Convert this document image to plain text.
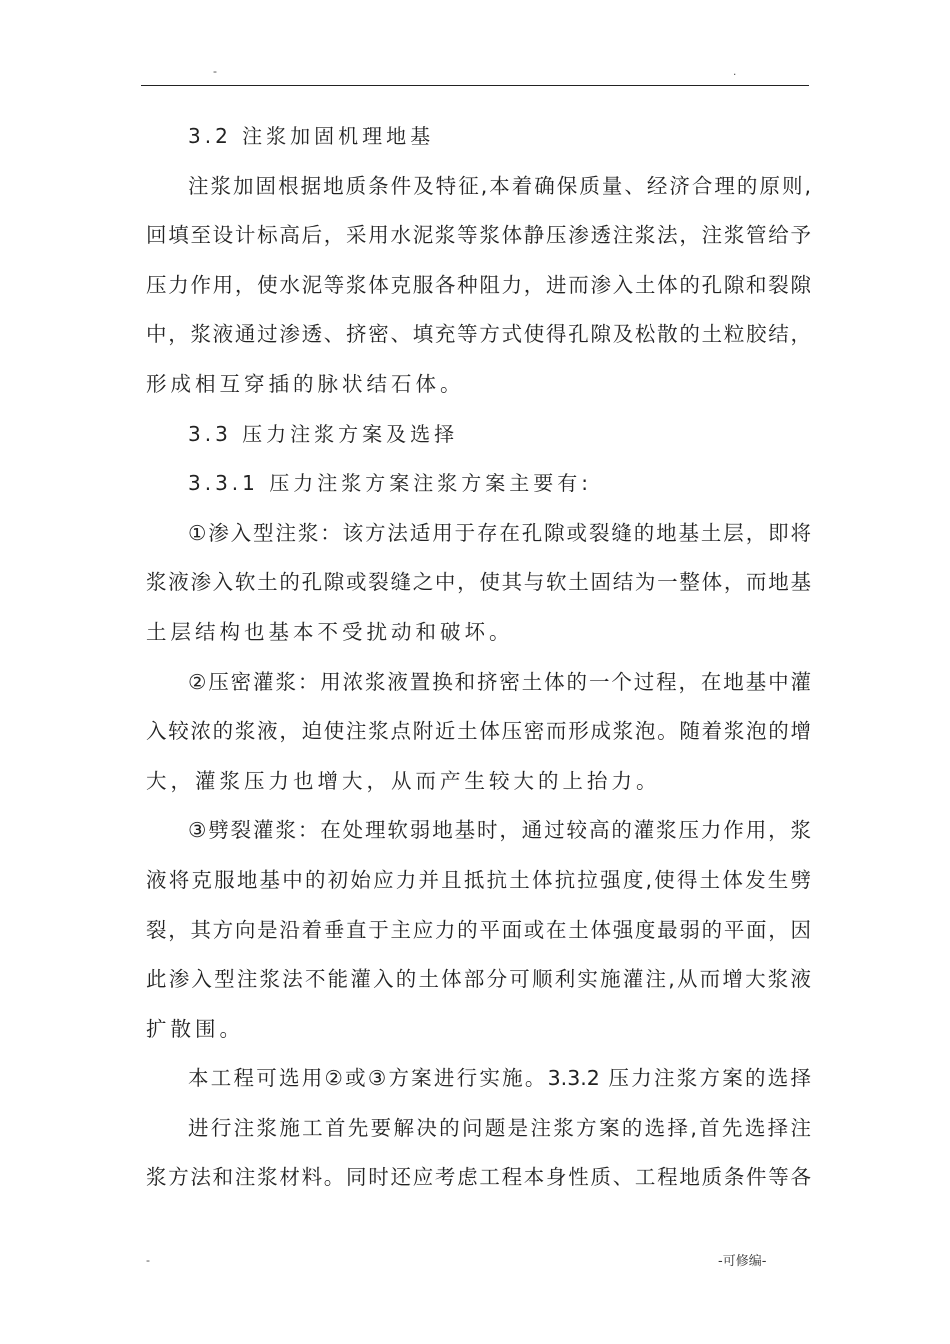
-	.
3.2 注浆加固机理地基
注浆加固根据地质条件及特征,本着确保质量、经济合理的原则,
回填至设计标高后，采用水泥浆等浆体静压渗透注浆法，注浆管给予
压力作用，使水泥等浆体克服各种阻力，进而渗入土体的孔隙和裂隙
中，浆液通过渗透、挤密、填充等方式使得孔隙及松散的土粒胶结，
形成相互穿插的脉状结石体。
3.3 压力注浆方案及选择
3.3.1 压力注浆方案注浆方案主要有:
①渗入型注浆：该方法适用于存在孔隙或裂缝的地基土层，即将
浆液渗入软土的孔隙或裂缝之中，使其与软土固结为一整体，而地基
土层结构也基本不受扰动和破坏。
②压密灌浆：用浓浆液置换和挤密土体的一个过程，在地基中灌
入较浓的浆液，迫使注浆点附近土体压密而形成浆泡。随着浆泡的增
大，灌浆压力也增大，从而产生较大的上抬力。
③劈裂灌浆：在处理软弱地基时，通过较高的灌浆压力作用，浆
液将克服地基中的初始应力并且抵抗土体抗拉强度,使得土体发生劈
裂，其方向是沿着垂直于主应力的平面或在土体强度最弱的平面，因
此渗入型注浆法不能灌入的土体部分可顺利实施灌注,从而增大浆液
扩散围。
本工程可选用②或③方案进行实施。3.3.2 压力注浆方案的选择
进行注浆施工首先要解决的问题是注浆方案的选择,首先选择注
浆方法和注浆材料。同时还应考虑工程本身性质、工程地质条件等各
-	-可修编-
